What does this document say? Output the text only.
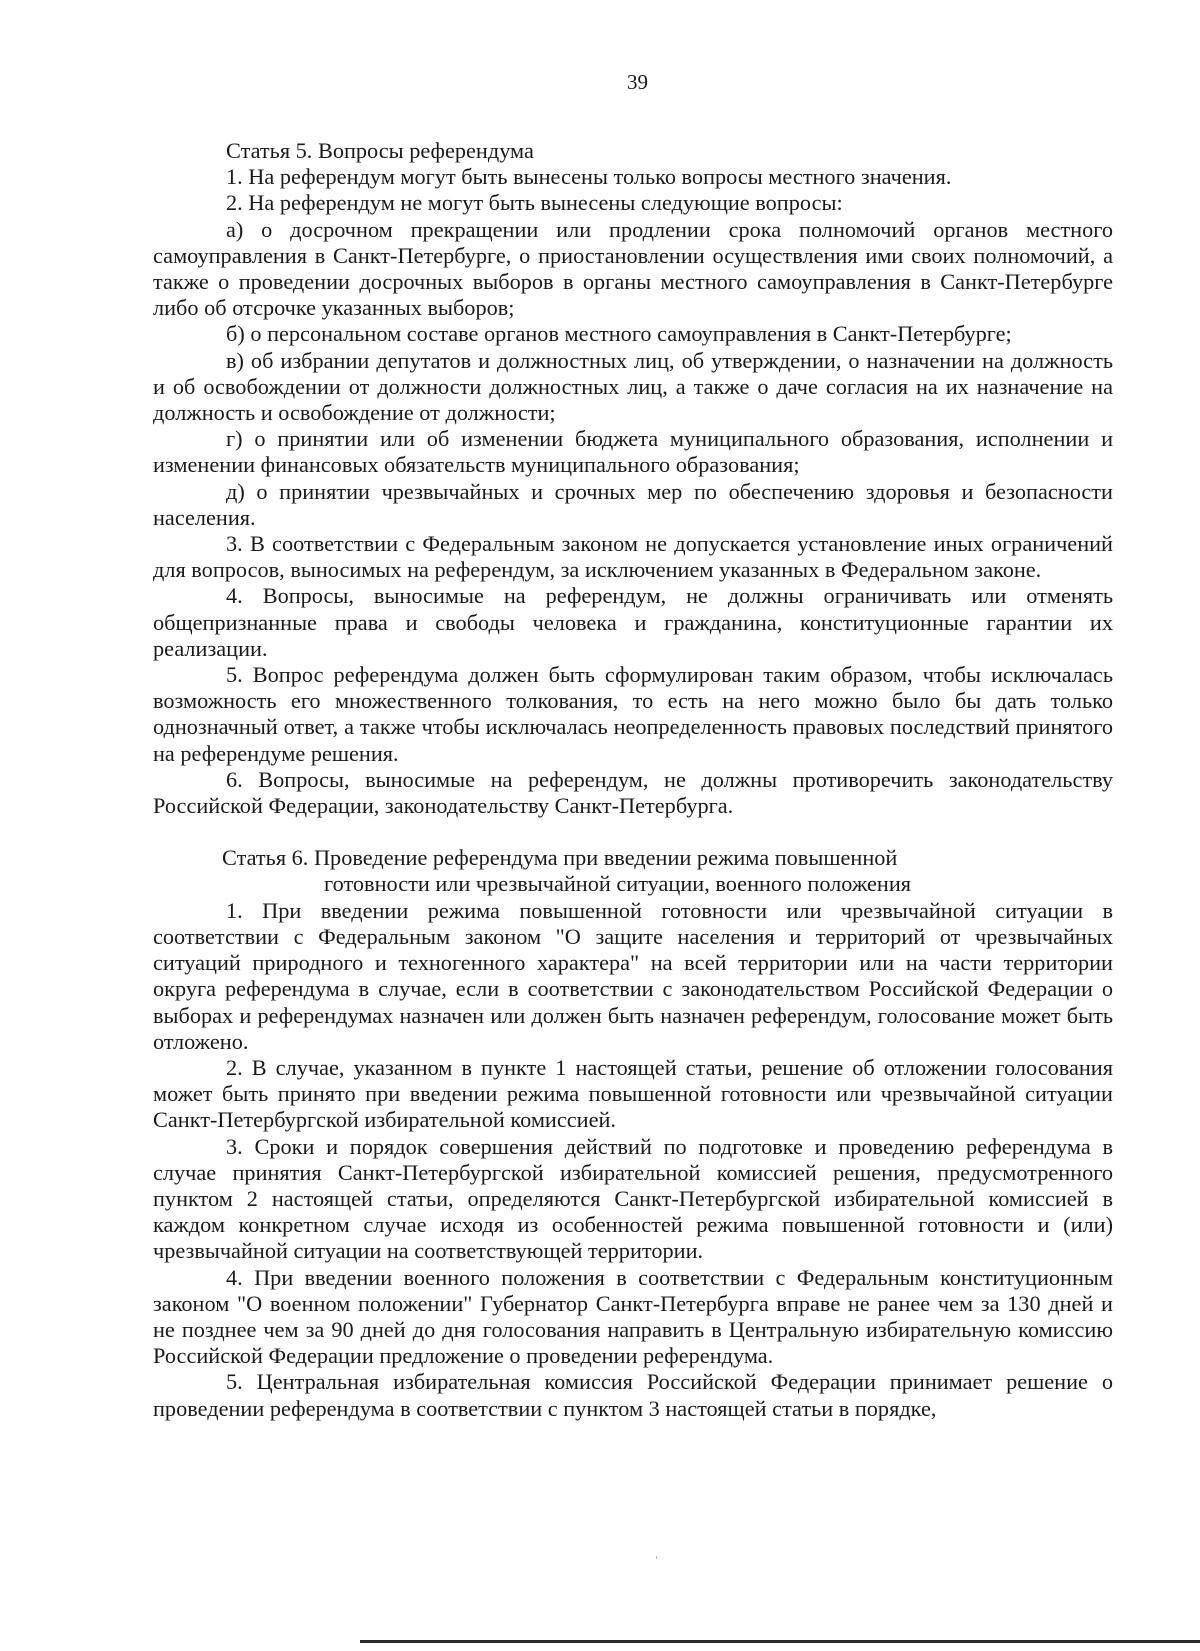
39

Статья 5. Вопросы референдума

1. На референдум могут быть вынесены только вопросы местного значения.

2. На референдум не могут быть вынесены следующие вопросы:

а) о досрочном прекращении или продлении срока полномочий органов местного самоуправления в Санкт-Петербурге, о приостановлении осуществления ими своих полномочий, а также о проведении досрочных выборов в органы местного самоуправления в Санкт-Петербурге либо об отсрочке указанных выборов;

б) о персональном составе органов местного самоуправления в Санкт-Петербурге;

в) об избрании депутатов и должностных лиц, об утверждении, о назначении на должность и об освобождении от должности должностных лиц, а также о даче согласия на их назначение на должность и освобождение от должности;

г) о принятии или об изменении бюджета муниципального образования, исполнении и изменении финансовых обязательств муниципального образования;

д) о принятии чрезвычайных и срочных мер по обеспечению здоровья и безопасности населения.

3. В соответствии с Федеральным законом не допускается установление иных ограничений для вопросов, выносимых на референдум, за исключением указанных в Федеральном законе.

4. Вопросы, выносимые на референдум, не должны ограничивать или отменять общепризнанные права и свободы человека и гражданина, конституционные гарантии их реализации.

5. Вопрос референдума должен быть сформулирован таким образом, чтобы исключалась возможность его множественного толкования, то есть на него можно было бы дать только однозначный ответ, а также чтобы исключалась неопределенность правовых последствий принятого на референдуме решения.

6. Вопросы, выносимые на референдум, не должны противоречить законодательству Российской Федерации, законодательству Санкт-Петербурга.

Статья 6. Проведение референдума при введении режима повышенной

готовности или чрезвычайной ситуации, военного положения

1. При введении режима повышенной готовности или чрезвычайной ситуации в соответствии с Федеральным законом "О защите населения и территорий от чрезвычайных ситуаций природного и техногенного характера" на всей территории или на части территории округа референдума в случае, если в соответствии с законодательством Российской Федерации о выборах и референдумах назначен или должен быть назначен референдум, голосование может быть отложено.

2. В случае, указанном в пункте 1 настоящей статьи, решение об отложении голосования может быть принято при введении режима повышенной готовности или чрезвычайной ситуации Санкт-Петербургской избирательной комиссией.

3. Сроки и порядок совершения действий по подготовке и проведению референдума в случае принятия Санкт-Петербургской избирательной комиссией решения, предусмотренного пунктом 2 настоящей статьи, определяются Санкт-Петербургской избирательной комиссией в каждом конкретном случае исходя из особенностей режима повышенной готовности и (или) чрезвычайной ситуации на соответствующей территории.

4. При введении военного положения в соответствии с Федеральным конституционным законом "О военном положении" Губернатор Санкт-Петербурга вправе не ранее чем за 130 дней и не позднее чем за 90 дней до дня голосования направить в Центральную избирательную комиссию Российской Федерации предложение о проведении референдума.

5. Центральная избирательная комиссия Российской Федерации принимает решение о проведении референдума в соответствии с пунктом 3 настоящей статьи в порядке,
